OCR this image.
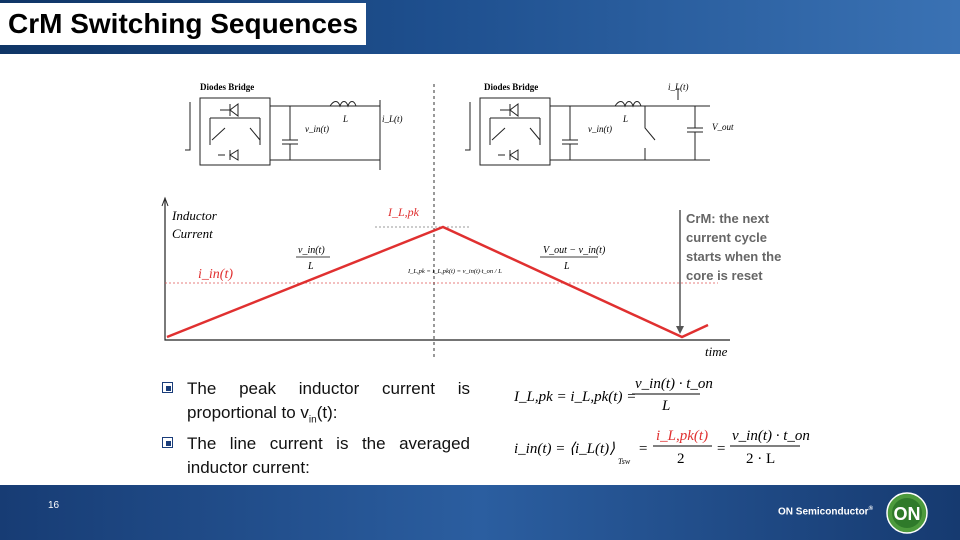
CrM Switching Sequences
Diodes Bridge
v_in(t)
L	i_L(t)
Diodes Bridge
v_in(t)
L
i_L(t)
V_out
Inductor
Current
time
I_L,pk
i_in(t)
v_in(t)
L
V_out − v_in(t)
L
I_L,pk = i_L,pk(t) = v_in(t)·t_on / L
CrM: the next
current cycle
starts when the
core is reset
The peak inductor current is proportional to $v_{in}(t)$:
The line current is the averaged inductor current:
I_L,pk = i_L,pk(t) =
v_in(t) · t_on
L
i_in(t) = ⟨i_L(t)⟩
Tsw
=
i_L,pk(t)
2
=
v_in(t) · t_on
2 · L
16
ON Semiconductor® ON
